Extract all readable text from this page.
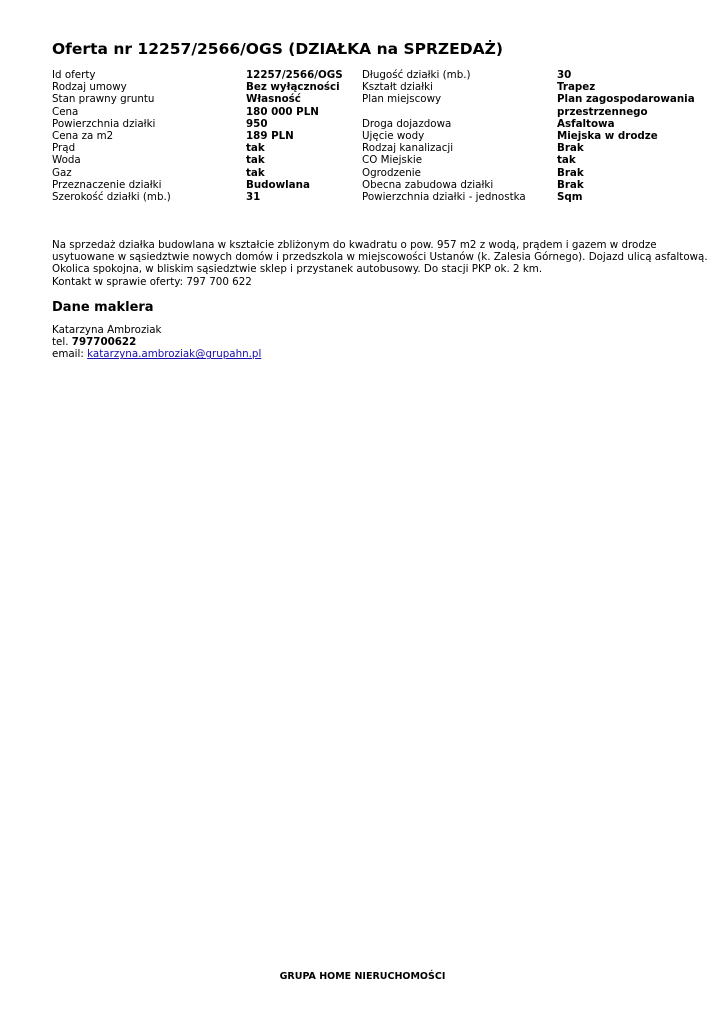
Oferta nr 12257/2566/OGS (DZIAŁKA na SPRZEDAŻ)
Id oferty
Rodzaj umowy
Stan prawny gruntu
Cena
Powierzchnia działki
Cena za m2
Prąd
Woda
Gaz
Przeznaczenie działki
Szerokość działki (mb.)
12257/2566/OGS
Bez wyłączności
Własność
180 000 PLN
950
189 PLN
tak
tak
tak
Budowlana
31
Długość działki (mb.)
Kształt działki
Plan miejscowy

Droga dojazdowa
Ujęcie wody
Rodzaj kanalizacji
CO Miejskie
Ogrodzenie
Obecna zabudowa działki
Powierzchnia działki - jednostka
30
Trapez
Plan zagospodarowania
przestrzennego
Asfaltowa
Miejska w drodze
Brak
tak
Brak
Brak
Sqm
Na sprzedaż działka budowlana w kształcie zbliżonym do kwadratu o pow. 957 m2 z wodą, prądem i gazem w drodze
usytuowane w sąsiedztwie nowych domów i przedszkola w miejscowości Ustanów (k. Zalesia Górnego). Dojazd ulicą asfaltową.
Okolica spokojna, w bliskim sąsiedztwie sklep i przystanek autobusowy. Do stacji PKP ok. 2 km.
Kontakt w sprawie oferty: 797 700 622
Dane maklera
Katarzyna Ambroziak
tel. 797700622
email: katarzyna.ambroziak@grupahn.pl
GRUPA HOME NIERUCHOMOŚCI
